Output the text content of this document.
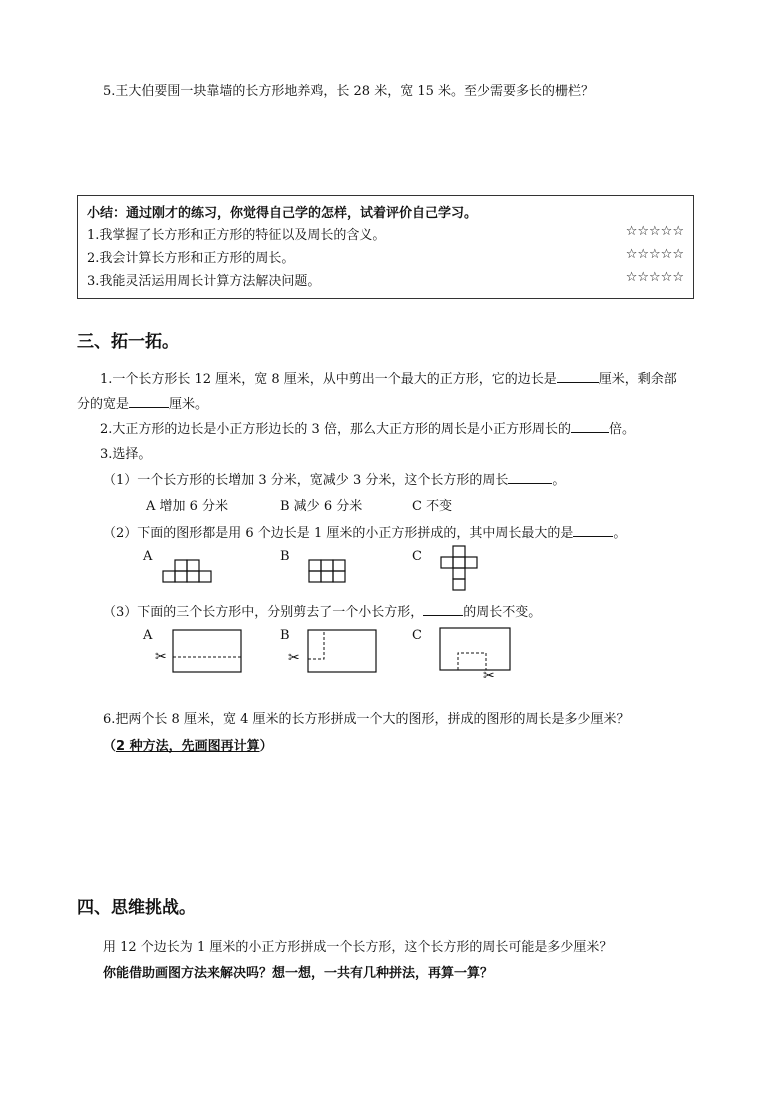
5.王大伯要围一块靠墙的长方形地养鸡，长 28 米，宽 15 米。至少需要多长的栅栏？
小结：通过刚才的练习，你觉得自己学的怎样，试着评价自己学习。
1.我掌握了长方形和正方形的特征以及周长的含义。	☆☆☆☆☆
2.我会计算长方形和正方形的周长。	☆☆☆☆☆
3.我能灵活运用周长计算方法解决问题。	☆☆☆☆☆
三、拓一拓。
1.一个长方形长 12 厘米，宽 8 厘米，从中剪出一个最大的正方形，它的边长是	厘米，剩余部
分的宽是	厘米。
2.大正方形的边长是小正方形边长的 3 倍，那么大正方形的周长是小正方形周长的	倍。
3.选择。
（1）一个长方形的长增加 3 分米，宽减少 3 分米，这个长方形的周长	。
A 增加 6 分米	B 减少 6 分米	C 不变
（2）下面的图形都是用 6 个边长是 1 厘米的小正方形拼成的，其中周长最大的是	。
A	B	C
（3）下面的三个长方形中，分别剪去了一个小长方形，	的周长不变。
A
✂
B
✂
C
✂
6.把两个长 8 厘米，宽 4 厘米的长方形拼成一个大的图形，拼成的图形的周长是多少厘米？
（2 种方法，先画图再计算）
四、思维挑战。
用 12 个边长为 1 厘米的小正方形拼成一个长方形，这个长方形的周长可能是多少厘米？
你能借助画图方法来解决吗？想一想，一共有几种拼法，再算一算？
